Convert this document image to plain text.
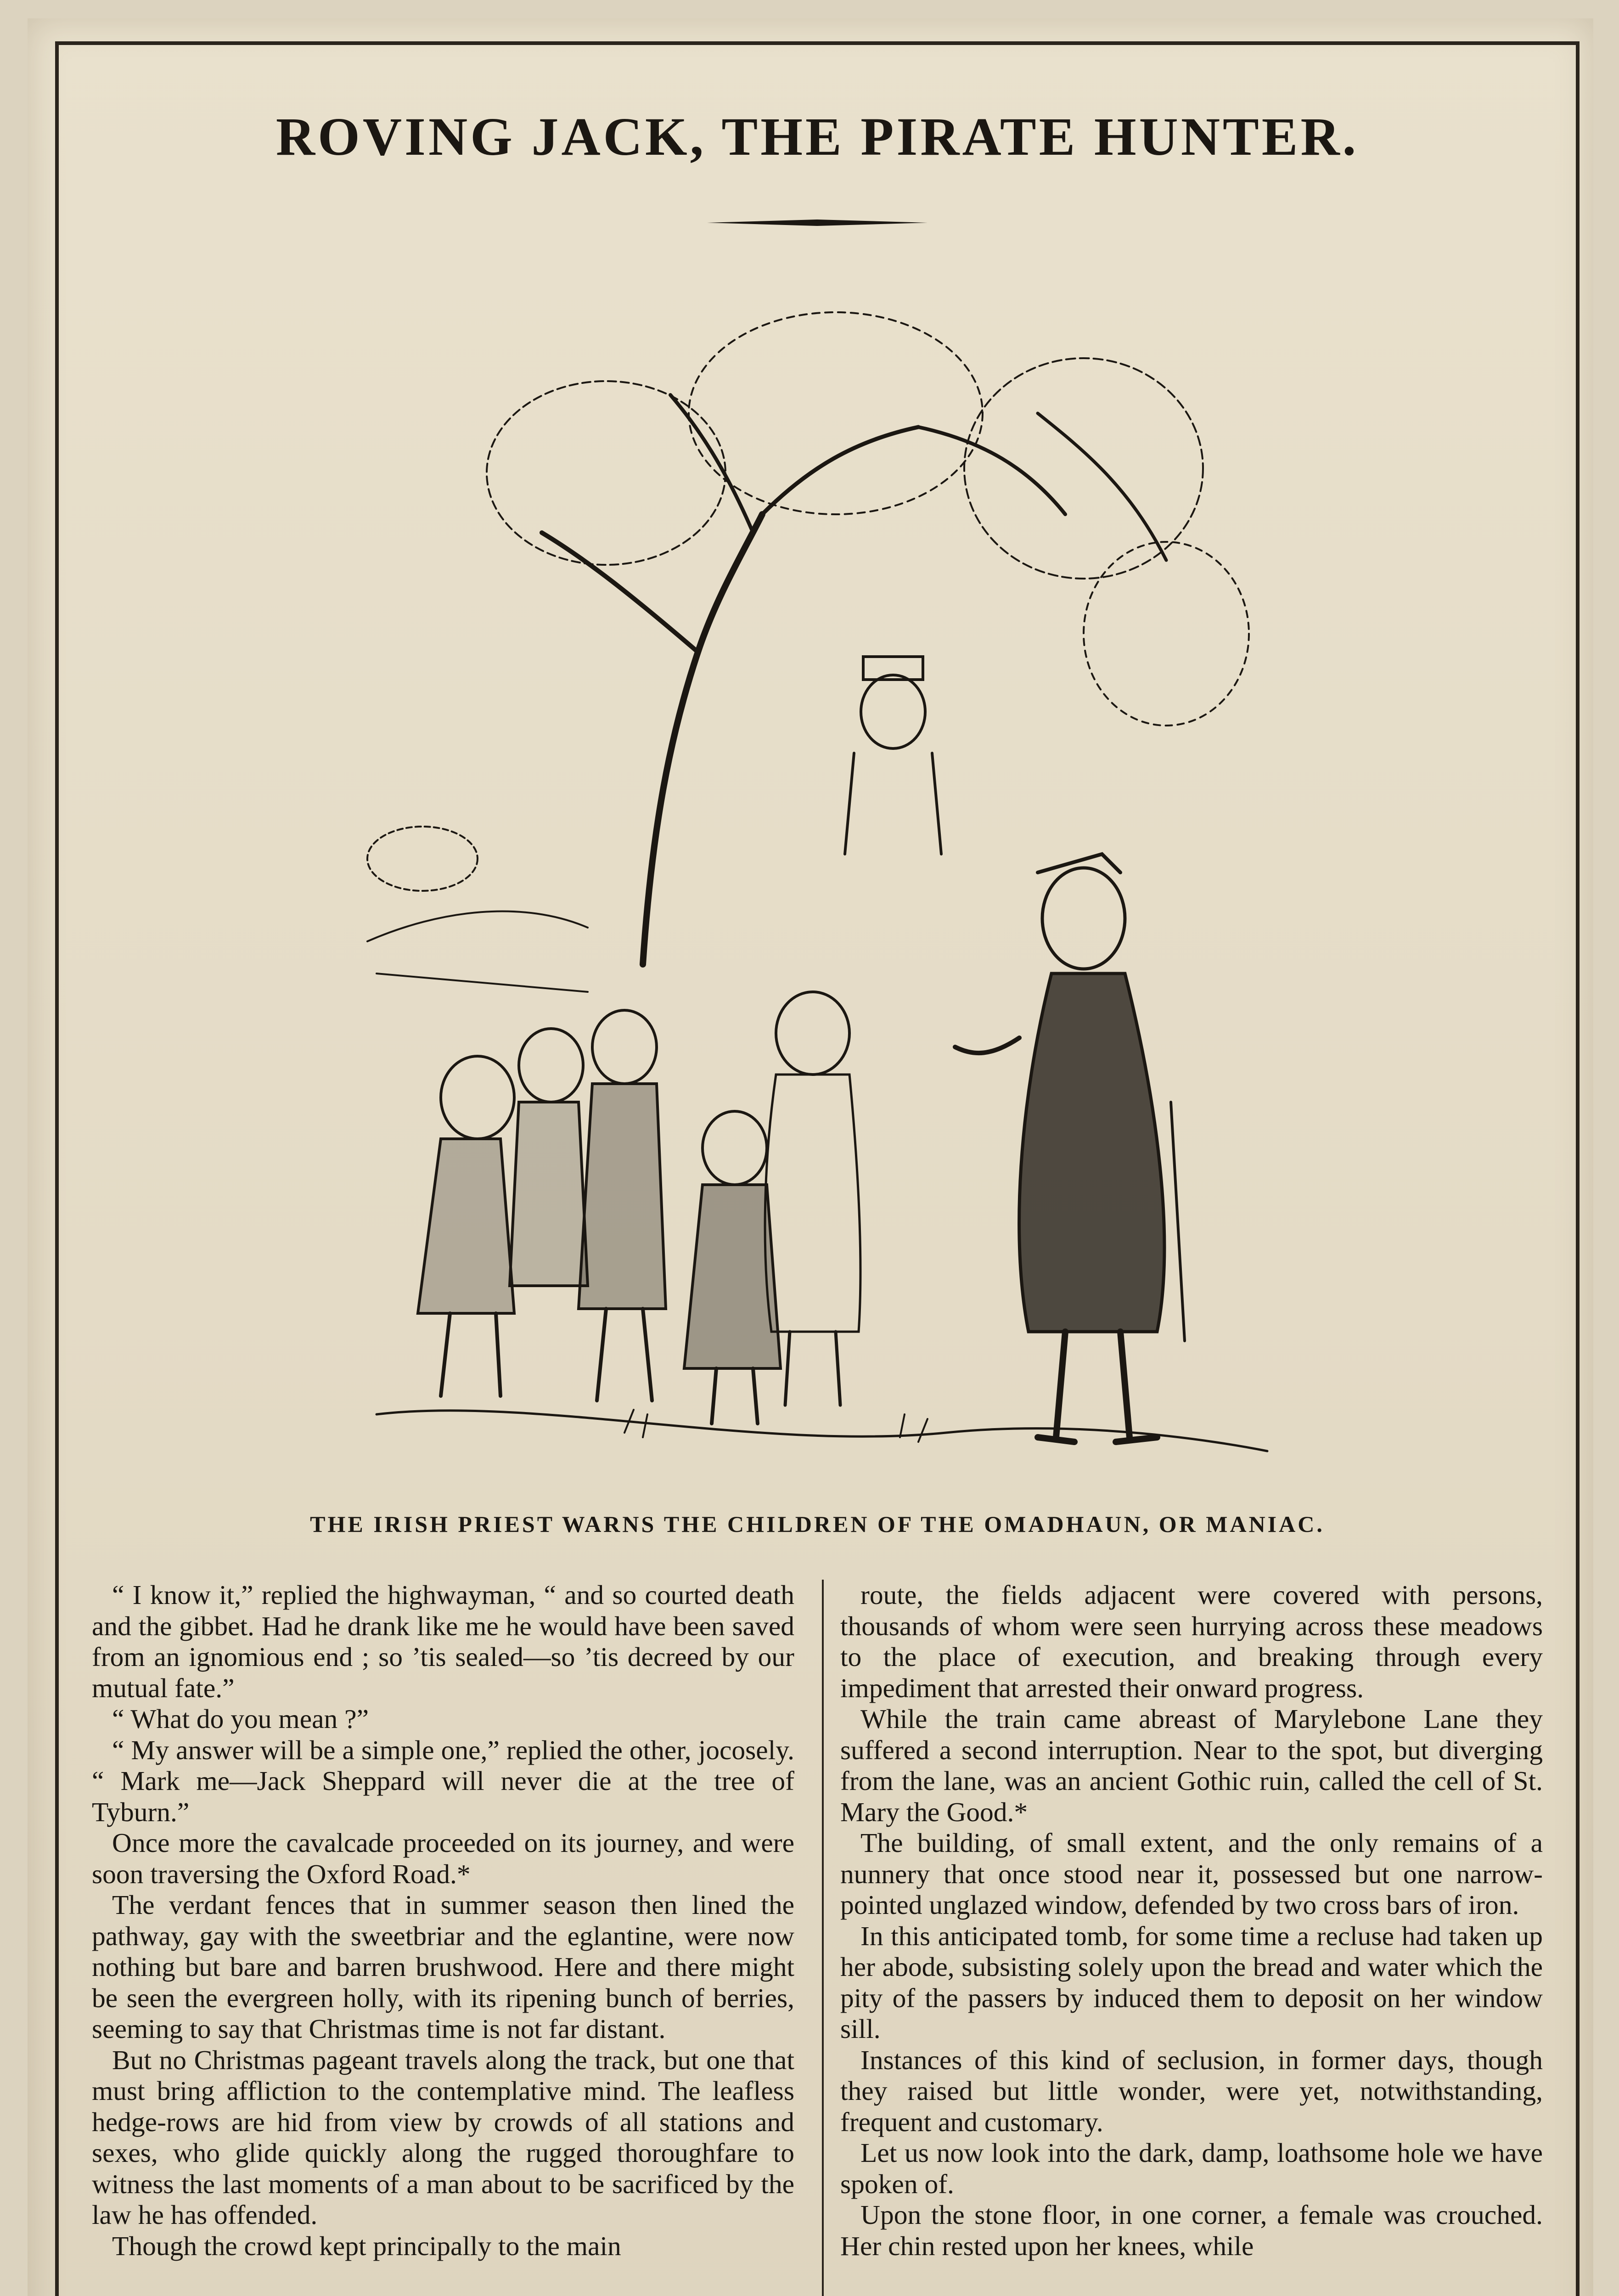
ROVING JACK, THE PIRATE HUNTER.

THE IRISH PRIEST WARNS THE CHILDREN OF THE OMADHAUN, OR MANIAC.

“ I know it,” replied the highwayman, “ and so courted death and the gibbet. Had he drank like me he would have been saved from an ignomious end ; so ’tis sealed—so ’tis decreed by our mutual fate.”

“ What do you mean ?”

“ My answer will be a simple one,” replied the other, jocosely. “ Mark me—Jack Sheppard will never die at the tree of Tyburn.”

Once more the cavalcade proceeded on its journey, and were soon traversing the Oxford Road.*

The verdant fences that in summer season then lined the pathway, gay with the sweetbriar and the eglantine, were now nothing but bare and barren brushwood. Here and there might be seen the evergreen holly, with its ripening bunch of berries, seeming to say that Christmas time is not far distant.

But no Christmas pageant travels along the track, but one that must bring affliction to the contemplative mind. The leafless hedge-rows are hid from view by crowds of all stations and sexes, who glide quickly along the rugged thoroughfare to witness the last moments of a man about to be sacrificed by the law he has offended.

Though the crowd kept principally to the main

route, the fields adjacent were covered with persons, thousands of whom were seen hurrying across these meadows to the place of execution, and breaking through every impediment that arrested their onward progress.

While the train came abreast of Marylebone Lane they suffered a second interruption. Near to the spot, but diverging from the lane, was an ancient Gothic ruin, called the cell of St. Mary the Good.*

The building, of small extent, and the only remains of a nunnery that once stood near it, possessed but one narrow-pointed unglazed window, defended by two cross bars of iron.

In this anticipated tomb, for some time a recluse had taken up her abode, subsisting solely upon the bread and water which the pity of the passers by induced them to deposit on her window sill.

Instances of this kind of seclusion, in former days, though they raised but little wonder, were yet, notwithstanding, frequent and customary.

Let us now look into the dark, damp, loathsome hole we have spoken of.

Upon the stone floor, in one corner, a female was crouched. Her chin rested upon her knees, while
